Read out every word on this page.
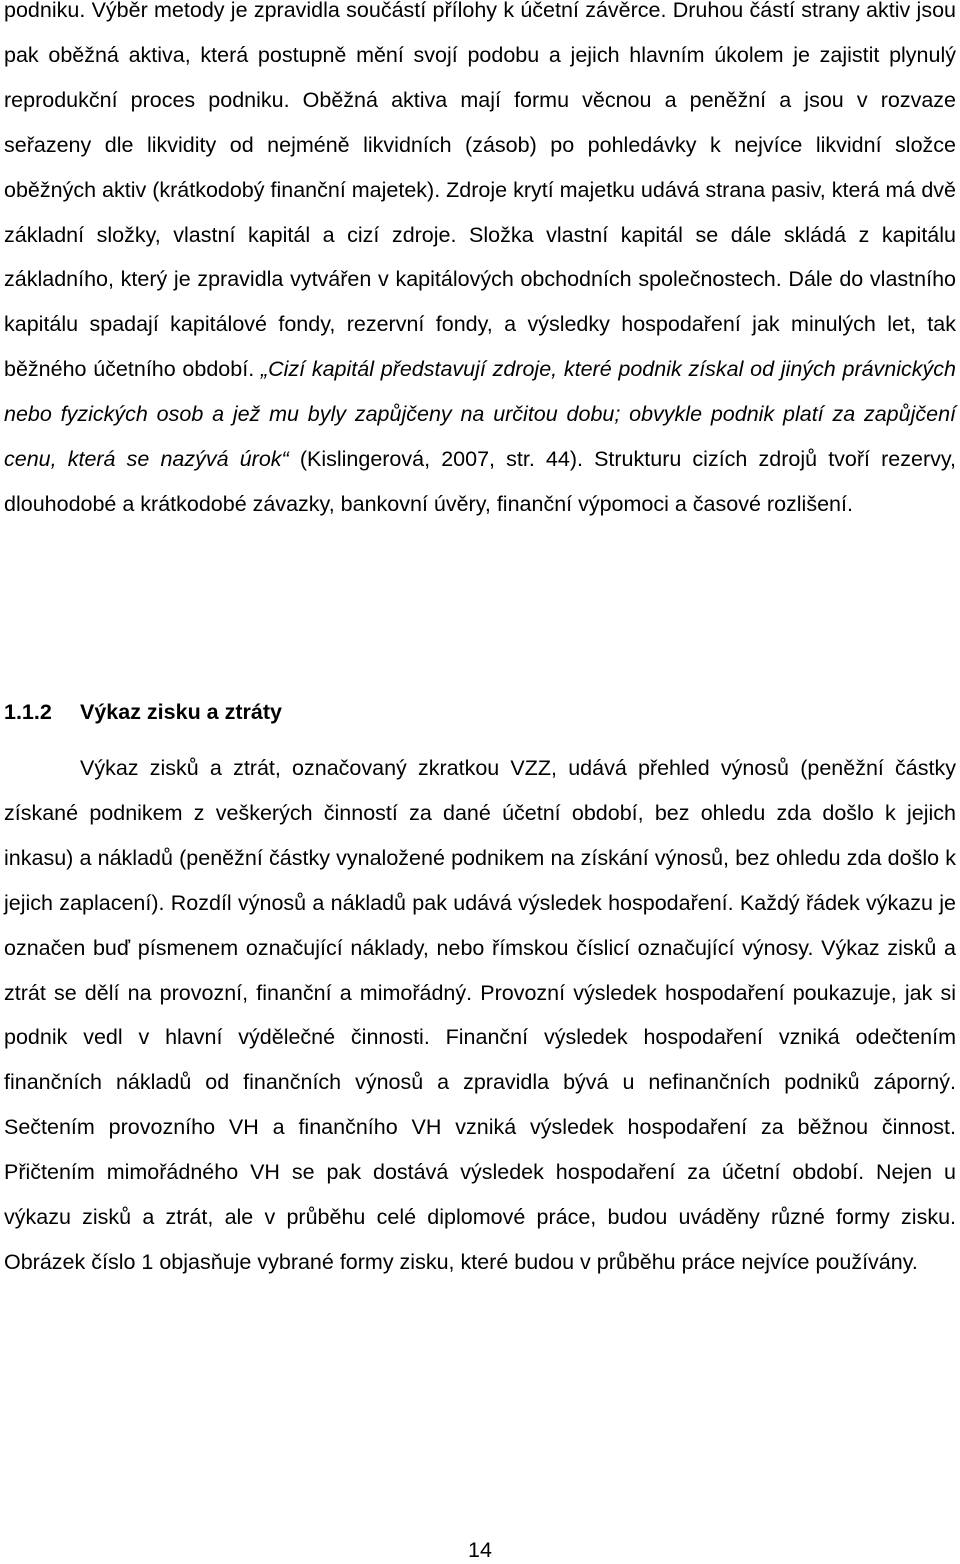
podniku. Výběr metody je zpravidla součástí přílohy k účetní závěrce. Druhou částí strany aktiv jsou pak oběžná aktiva, která postupně mění svojí podobu a jejich hlavním úkolem je zajistit plynulý reprodukční proces podniku. Oběžná aktiva mají formu věcnou a peněžní a jsou v rozvaze seřazeny dle likvidity od nejméně likvidních (zásob) po pohledávky k nejvíce likvidní složce oběžných aktiv (krátkodobý finanční majetek). Zdroje krytí majetku udává strana pasiv, která má dvě základní složky, vlastní kapitál a cizí zdroje. Složka vlastní kapitál se dále skládá z kapitálu základního, který je zpravidla vytvářen v kapitálových obchodních společnostech. Dále do vlastního kapitálu spadají kapitálové fondy, rezervní fondy, a výsledky hospodaření jak minulých let, tak běžného účetního období. „Cizí kapitál představují zdroje, které podnik získal od jiných právnických nebo fyzických osob a jež mu byly zapůjčeny na určitou dobu; obvykle podnik platí za zapůjčení cenu, která se nazývá úrok“ (Kislingerová, 2007, str. 44). Strukturu cizích zdrojů tvoří rezervy, dlouhodobé a krátkodobé závazky, bankovní úvěry, finanční výpomoci a časové rozlišení.

1.1.2 Výkaz zisku a ztráty

Výkaz zisků a ztrát, označovaný zkratkou VZZ, udává přehled výnosů (peněžní částky získané podnikem z veškerých činností za dané účetní období, bez ohledu zda došlo k jejich inkasu) a nákladů (peněžní částky vynaložené podnikem na získání výnosů, bez ohledu zda došlo k jejich zaplacení). Rozdíl výnosů a nákladů pak udává výsledek hospodaření. Každý řádek výkazu je označen buď písmenem označující náklady, nebo římskou číslicí označující výnosy. Výkaz zisků a ztrát se dělí na provozní, finanční a mimořádný. Provozní výsledek hospodaření poukazuje, jak si podnik vedl v hlavní výdělečné činnosti. Finanční výsledek hospodaření vzniká odečtením finančních nákladů od finančních výnosů a zpravidla bývá u nefinančních podniků záporný. Sečtením provozního VH a finančního VH vzniká výsledek hospodaření za běžnou činnost. Přičtením mimořádného VH se pak dostává výsledek hospodaření za účetní období. Nejen u výkazu zisků a ztrát, ale v průběhu celé diplomové práce, budou uváděny různé formy zisku. Obrázek číslo 1 objasňuje vybrané formy zisku, které budou v průběhu práce nejvíce používány.

14
